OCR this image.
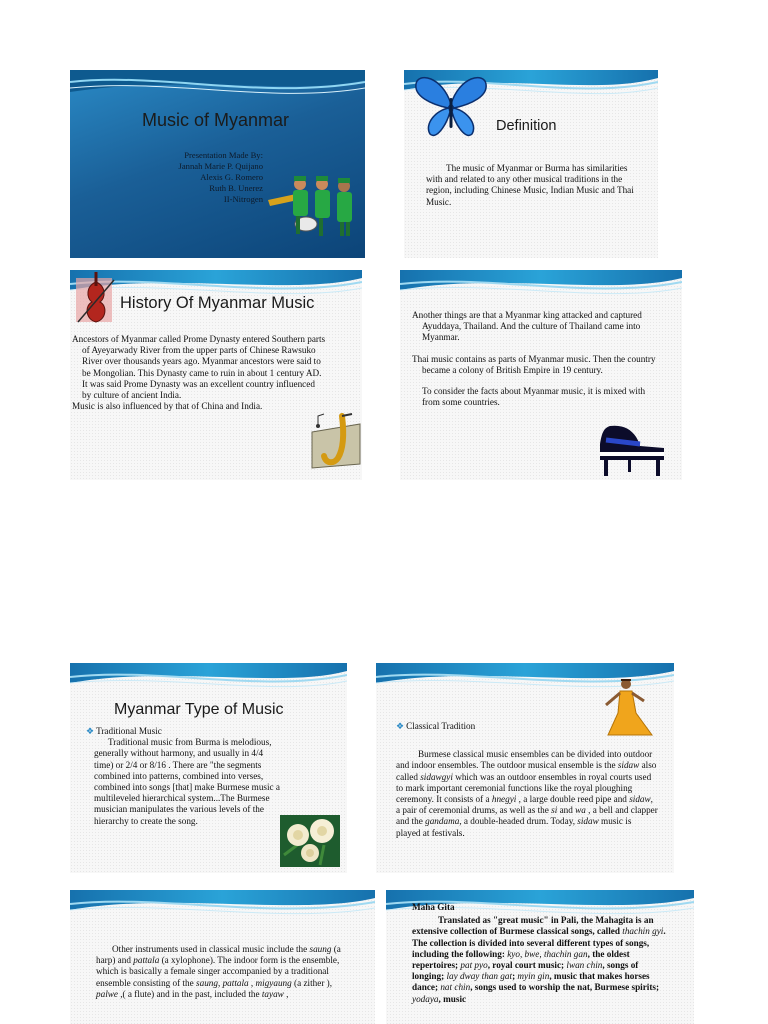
Music of Myanmar
Presentation Made By:
Jannah Marie P. Quijano
Alexis G. Romero
Ruth B. Unerez
II-Nitrogen
Definition

The music of Myanmar or Burma has similarities with and related to any other musical traditions in the region, including Chinese Music, Indian Music and Thai Music.

History Of Myanmar Music

Ancestors of Myanmar called Prome Dynasty entered Southern parts of Ayeyarwady River from the upper parts of Chinese Rawsuko River over thousands years ago. Myanmar ancestors were said to be Mongolian. This Dynasty came to ruin in about 1 century AD. It was said Prome Dynasty was an excellent country influenced by culture of ancient India.

Music is also influenced by that of China and India.

Another things are that a Myanmar king attacked and captured Ayuddaya, Thailand. And the culture of Thailand came into Myanmar.

Thai music contains as parts of Myanmar music. Then the country became a colony of British Empire in 19 century.

To consider the facts about Myanmar music, it is mixed with from some countries.

Myanmar Type of Music

❖ Traditional Music

Traditional music from Burma is melodious, generally without harmony, and usually in 4/4 time) or 2/4 or 8/16 . There are "the segments combined into patterns, combined into verses, combined into songs [that] make Burmese music a multileveled hierarchical system...The Burmese musician manipulates the various levels of the hierarchy to create the song.

❖ Classical Tradition

Burmese classical music ensembles can be divided into outdoor and indoor ensembles. The outdoor musical ensemble is the sidaw also called sidawgyi which was an outdoor ensembles in royal courts used to mark important ceremonial functions like the royal ploughing ceremony. It consists of a hnegyi , a large double reed pipe and sidaw, a pair of ceremonial drums, as well as the si and wa , a bell and clapper and the gandama, a double-headed drum. Today, sidaw music is played at festivals.

Other instruments used in classical music include the saung (a harp) and pattala (a xylophone). The indoor form is the ensemble, which is basically a female singer accompanied by a traditional ensemble consisting of the saung, pattala , migyaung (a zither ), palwe ,( a flute) and in the past, included the tayaw ,

Maha Gita

Translated as "great music" in Pali, the Mahagita is an extensive collection of Burmese classical songs, called thachin gyi. The collection is divided into several different types of songs, including the following: kyo, bwe, thachin gan, the oldest repertoires; pat pyo, royal court music; lwan chin, songs of longing; lay dway than gat; myin gin, music that makes horses dance; nat chin, songs used to worship the nat, Burmese spirits; yodaya, music
